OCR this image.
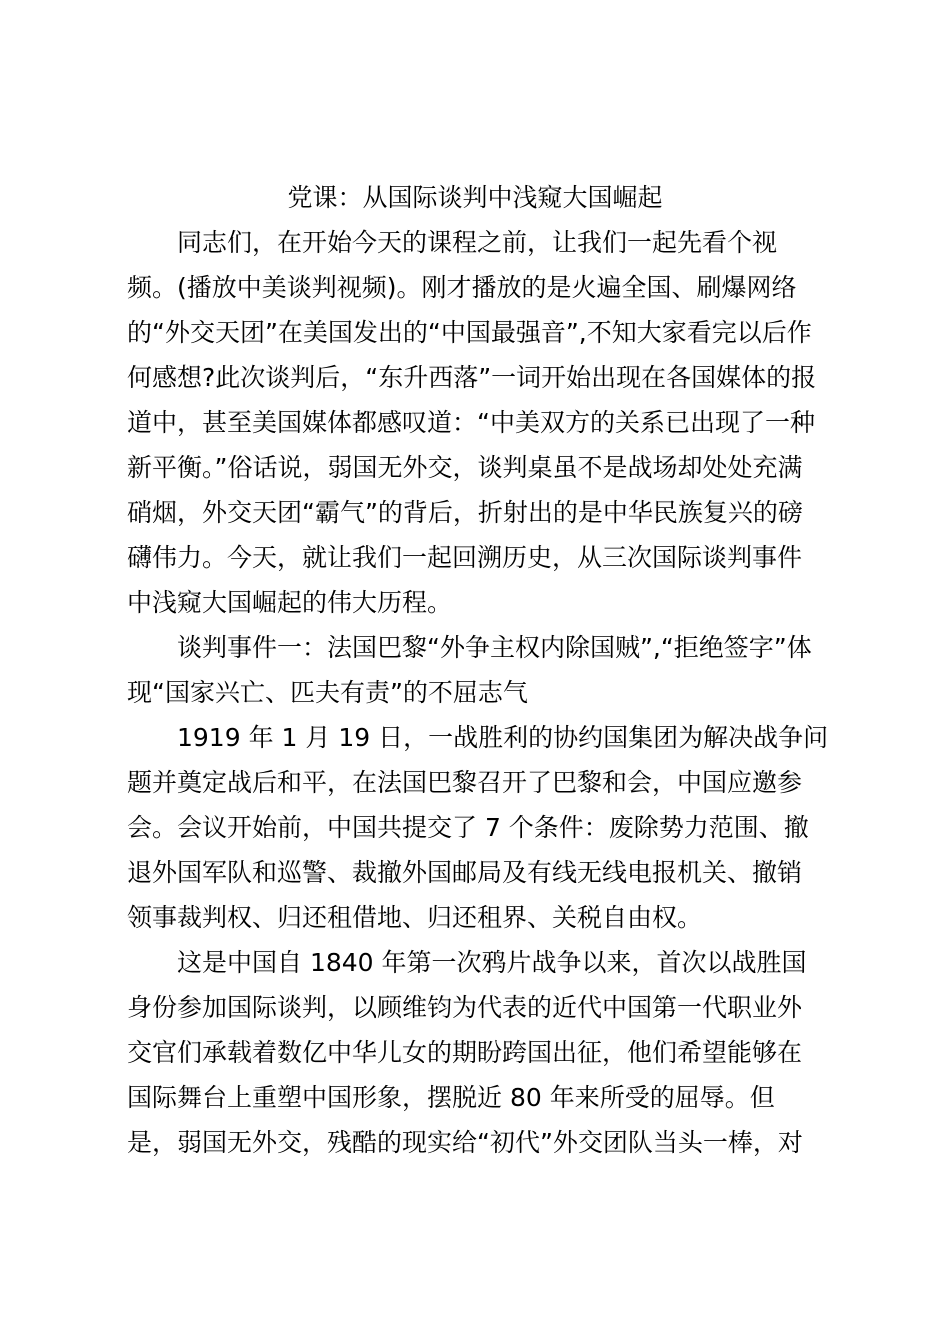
党课：从国际谈判中浅窥大国崛起
同志们，在开始今天的课程之前，让我们一起先看个视
频。(播放中美谈判视频)。刚才播放的是火遍全国、刷爆网络
的“外交天团”在美国发出的“中国最强音”,不知大家看完以后作
何感想?此次谈判后，“东升西落”一词开始出现在各国媒体的报
道中，甚至美国媒体都感叹道：“中美双方的关系已出现了一种
新平衡。”俗话说，弱国无外交，谈判桌虽不是战场却处处充满
硝烟，外交天团“霸气”的背后，折射出的是中华民族复兴的磅
礴伟力。今天，就让我们一起回溯历史，从三次国际谈判事件
中浅窥大国崛起的伟大历程。
谈判事件一：法国巴黎“外争主权内除国贼”,“拒绝签字”体
现“国家兴亡、匹夫有责”的不屈志气
1919 年 1 月 19 日，一战胜利的协约国集团为解决战争问
题并奠定战后和平，在法国巴黎召开了巴黎和会，中国应邀参
会。会议开始前，中国共提交了 7 个条件：废除势力范围、撤
退外国军队和巡警、裁撤外国邮局及有线无线电报机关、撤销
领事裁判权、归还租借地、归还租界、关税自由权。
这是中国自 1840 年第一次鸦片战争以来，首次以战胜国
身份参加国际谈判，以顾维钧为代表的近代中国第一代职业外
交官们承载着数亿中华儿女的期盼跨国出征，他们希望能够在
国际舞台上重塑中国形象，摆脱近 80 年来所受的屈辱。但
是，弱国无外交，残酷的现实给“初代”外交团队当头一棒，对
